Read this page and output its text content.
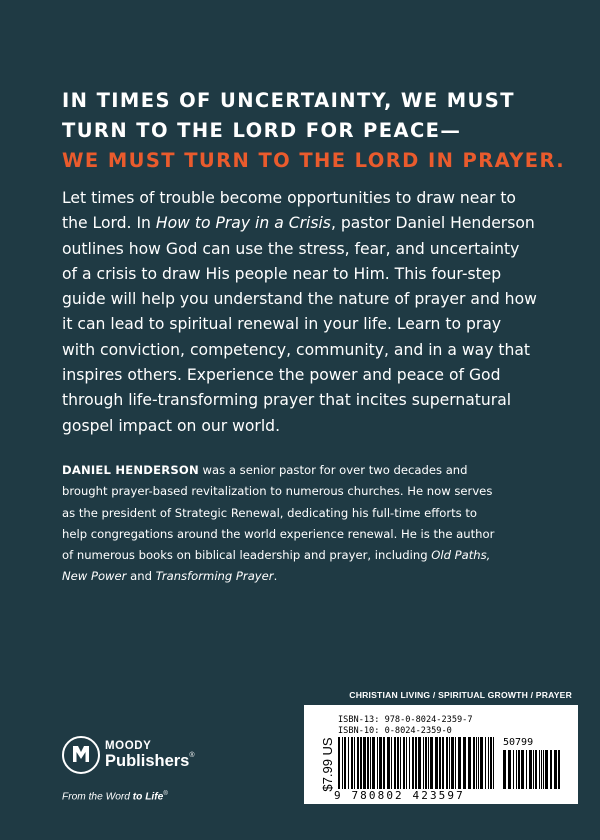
IN TIMES OF UNCERTAINTY, WE MUST
TURN TO THE LORD FOR PEACE—
WE MUST TURN TO THE LORD IN PRAYER.
Let times of trouble become opportunities to draw near to
the Lord. In How to Pray in a Crisis, pastor Daniel Henderson
outlines how God can use the stress, fear, and uncertainty
of a crisis to draw His people near to Him. This four-step
guide will help you understand the nature of prayer and how
it can lead to spiritual renewal in your life. Learn to pray
with conviction, competency, community, and in a way that
inspires others. Experience the power and peace of God
through life-transforming prayer that incites supernatural
gospel impact on our world.
DANIEL HENDERSON was a senior pastor for over two decades and
brought prayer-based revitalization to numerous churches. He now serves
as the president of Strategic Renewal, dedicating his full-time efforts to
help congregations around the world experience renewal. He is the author
of numerous books on biblical leadership and prayer, including Old Paths,
New Power and Transforming Prayer.
CHRISTIAN LIVING / SPIRITUAL GROWTH / PRAYER
MOODY
Publishers®
From the Word to Life®
$7.99 US
ISBN-13: 978-0-8024-2359-7
ISBN-10: 0-8024-2359-0
50799
9 780802 423597
